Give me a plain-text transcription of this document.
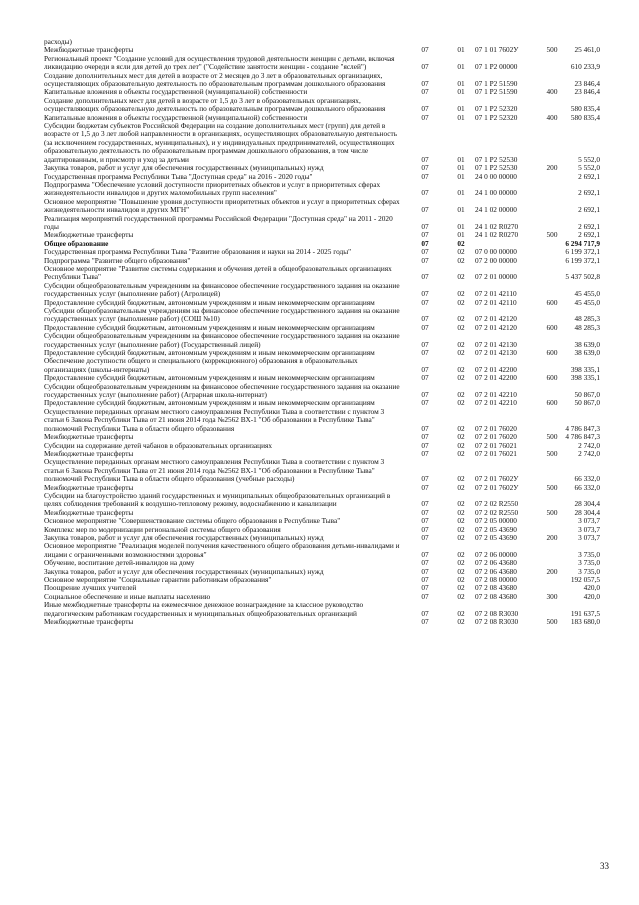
расходы)					
Межбюджетные трансферты	07	01	07 1 01 7602У	500	25 461,0
Региональный проект "Создание условий для осуществления трудовой деятельности женщин с детьми, включая ликвидацию очереди в ясли для детей до трех лет" ("Содействие занятости женщин - создание "яслей")	07	01	07 1 P2 00000		610 233,9
Создание дополнительных мест для детей в возрасте от 2 месяцев до 3 лет в образовательных организациях, осуществляющих образовательную деятельность по образовательным программам дошкольного образования	07	01	07 1 P2 51590		23 846,4
Капитальные вложения в объекты государственной (муниципальной) собственности	07	01	07 1 P2 51590	400	23 846,4
Создание дополнительных мест для детей в возрасте от 1,5 до 3 лет в образовательных организациях, осуществляющих образовательную деятельность по образовательным программам дошкольного образования	07	01	07 1 P2 52320		580 835,4
Капитальные вложения в объекты государственной (муниципальной) собственности	07	01	07 1 P2 52320	400	580 835,4
Субсидии бюджетам субъектов Российской Федерации на создание дополнительных мест (групп) для детей в возрасте от 1,5 до 3 лет любой направленности в организациях, осуществляющих образовательную деятельность (за исключением государственных, муниципальных), и у индивидуальных предпринимателей, осуществляющих образовательную деятельность по образовательным программам дошкольного образования, в том числе адаптированным, и присмотр и уход за детьми	07	01	07 1 P2 52530		5 552,0
Закупка товаров, работ и услуг для обеспечения государственных (муниципальных) нужд	07	01	07 1 P2 52530	200	5 552,0
Государственная программа Республики Тыва "Доступная среда" на 2016 - 2020 годы"	07	01	24 0 00 00000		2 692,1
Подпрограмма "Обеспечение условий доступности приоритетных объектов и услуг в приоритетных сферах жизнедеятельности инвалидов и других маломобильных групп населения"	07	01	24 1 00 00000		2 692,1
Основное мероприятие "Повышение уровня доступности приоритетных объектов и услуг в приоритетных сферах жизнедеятельности инвалидов и других МГН"	07	01	24 1 02 00000		2 692,1
Реализация мероприятий государственной программы Российской Федерации "Доступная среда" на 2011 - 2020 годы	07	01	24 1 02 R0270		2 692,1
Межбюджетные трансферты	07	01	24 1 02 R0270	500	2 692,1
Общее образование	07	02			6 294 717,9
Государственная программа Республики Тыва "Развитие образования и науки на 2014 - 2025 годы"	07	02	07 0 00 00000		6 199 372,1
Подпрограмма "Развитие общего образования"	07	02	07 2 00 00000		6 199 372,1
Основное мероприятие "Развитие системы содержания и обучения детей в общеобразовательных организациях Республики Тыва"	07	02	07 2 01 00000		5 437 502,8
Субсидии общеобразовательным учреждениям на финансовое обеспечение государственного задания на оказание государственных услуг (выполнение работ) (Агролицей)	07	02	07 2 01 42110		45 455,0
Предоставление субсидий бюджетным, автономным учреждениям и иным некоммерческим организациям	07	02	07 2 01 42110	600	45 455,0
Субсидии общеобразовательным учреждениям на финансовое обеспечение государственного задания на оказание государственных услуг (выполнение работ) (СОШ №10)	07	02	07 2 01 42120		48 285,3
Предоставление субсидий бюджетным, автономным учреждениям и иным некоммерческим организациям	07	02	07 2 01 42120	600	48 285,3
Субсидии общеобразовательным учреждениям на финансовое обеспечение государственного задания на оказание государственных услуг (выполнение работ) (Государственный лицей)	07	02	07 2 01 42130		38 639,0
Предоставление субсидий бюджетным, автономным учреждениям и иным некоммерческим организациям	07	02	07 2 01 42130	600	38 639,0
Обеспечение доступности общего и специального (коррекционного) образования в образовательных организациях (школы-интернаты)	07	02	07 2 01 42200		398 335,1
Предоставление субсидий бюджетным, автономным учреждениям и иным некоммерческим организациям	07	02	07 2 01 42200	600	398 335,1
Субсидии общеобразовательным учреждениям на финансовое обеспечение государственного задания на оказание государственных услуг (выполнение работ) (Аграрная школа-интернат)	07	02	07 2 01 42210		50 867,0
Предоставление субсидий бюджетным, автономным учреждениям и иным некоммерческим организациям	07	02	07 2 01 42210	600	50 867,0
Осуществление переданных органам местного самоуправления Республики Тыва в соответствии с пунктом 3 статьи 6 Закона Республики Тыва от 21 июня 2014 года №2562 ВХ-1 "Об образовании в Республике Тыва" полномочий Республики Тыва в области общего образования	07	02	07 2 01 76020		4 786 847,3
Межбюджетные трансферты	07	02	07 2 01 76020	500	4 786 847,3
Субсидии на содержание детей чабанов в образовательных организациях	07	02	07 2 01 76021		2 742,0
Межбюджетные трансферты	07	02	07 2 01 76021	500	2 742,0
Осуществление переданных органам местного самоуправления Республики Тыва в соответствии с пунктом 3 статьи 6 Закона Республики Тыва от 21 июня 2014 года №2562 ВХ-1 "Об образовании в Республике Тыва" полномочий Республики Тыва в области общего образования (учебные расходы)	07	02	07 2 01 7602У		66 332,0
Межбюджетные трансферты	07	02	07 2 01 7602У	500	66 332,0
Субсидии на благоустройство зданий государственных и муниципальных общеобразовательных организаций в целях соблюдения требований к воздушно-тепловому режиму, водоснабжению и канализации	07	02	07 2 02 R2550		28 304,4
Межбюджетные трансферты	07	02	07 2 02 R2550	500	28 304,4
Основное мероприятие "Совершенствование системы общего образования в Республике Тыва"	07	02	07 2 05 00000		3 073,7
Комплекс мер по модернизации региональной системы общего образования	07	02	07 2 05 43690		3 073,7
Закупка товаров, работ и услуг для обеспечения государственных (муниципальных) нужд	07	02	07 2 05 43690	200	3 073,7
Основное мероприятие "Реализация моделей получения качественного общего образования детьми-инвалидами и лицами с ограниченными возможностями здоровья"	07	02	07 2 06 00000		3 735,0
Обучение, воспитание детей-инвалидов на дому	07	02	07 2 06 43680		3 735,0
Закупка товаров, работ и услуг для обеспечения государственных (муниципальных) нужд	07	02	07 2 06 43680	200	3 735,0
Основное мероприятие "Социальные гарантии работникам образования"	07	02	07 2 08 00000		192 057,5
Поощрение лучших учителей	07	02	07 2 08 43680		420,0
Социальное обеспечение и иные выплаты населению	07	02	07 2 08 43680	300	420,0
Иные межбюджетные трансферты на ежемесячное денежное вознаграждение за классное руководство педагогическим работникам государственных и муниципальных общеобразовательных организаций	07	02	07 2 08 R3030		191 637,5
Межбюджетные трансферты	07	02	07 2 08 R3030	500	183 680,0
33
